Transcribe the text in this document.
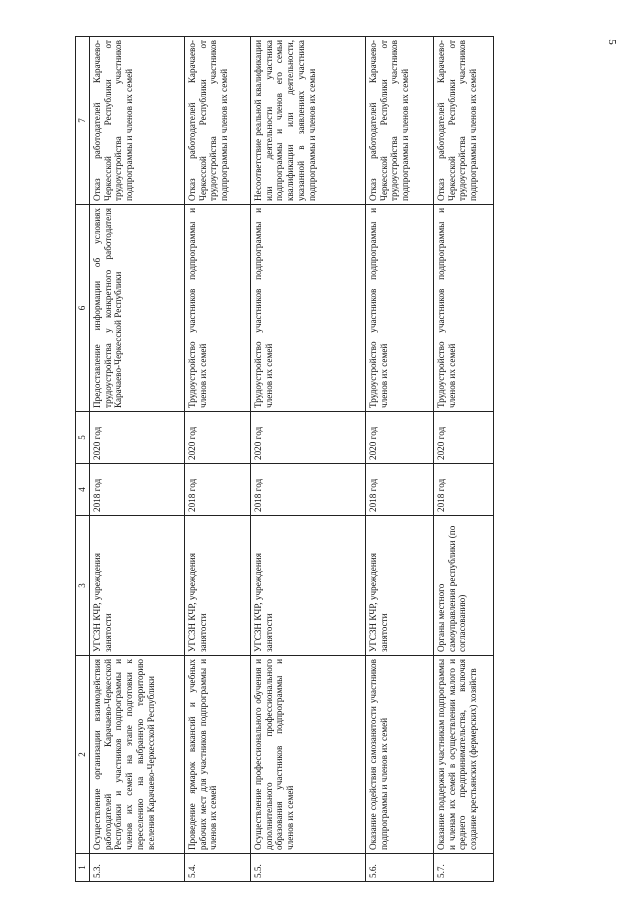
5
1	2	3	4	5	6	7
5.3.	Осуществление организации взаимодействия работодателей Карачаево-Черкесской Республики и участников подпрограммы и членов их семей на этапе подготовки к переселению на выбранную территорию вселения Карачаево-Черкесской Республики	УГСЗН КЧР, учреждения занятости	2018 год	2020 год	Предоставление информации об условиях трудоустройства у конкретного работодателя Карачаево-Черкесской Республики	Отказ работодателей Карачаево-Черкесской Республики от трудоустройства участников подпрограммы и членов их семей
5.4.	Проведение ярмарок вакансий и учебных рабочих мест для участников подпрограммы и членов их семей	УГСЗН КЧР, учреждения занятости	2018 год	2020 год	Трудоустройство участников подпрограммы и членов их семей	Отказ работодателей Карачаево-Черкесской Республики от трудоустройства участников подпрограммы и членов их семей
5.5.	Осуществление профессионального обучения и дополнительного профессионального образования участников подпрограммы и членов их семей	УГСЗН КЧР, учреждения занятости	2018 год	2020 год	Трудоустройство участников подпрограммы и членов их семей	Несоответствие реальной квалификации или деятельности участника подпрограммы и членов его семьи квалификации или деятельности, указанной в заявлениях участника подпрограммы и членов их семьи
5.6.	Оказание содействия самозанятости участников подпрограммы и членов их семей	УГСЗН КЧР, учреждения занятости	2018 год	2020 год	Трудоустройство участников подпрограммы и членов их семей	Отказ работодателей Карачаево-Черкесской Республики от трудоустройства участников подпрограммы и членов их семей
5.7.	Оказание поддержки участникам подпрограммы и членам их семей в осуществлении малого и среднего предпринимательства, включая создание крестьянских (фермерских) хозяйств	Органы местного самоуправления республики (по согласованию)	2018 год	2020 год	Трудоустройство участников подпрограммы и членов их семей	Отказ работодателей Карачаево-Черкесской Республики от трудоустройства участников подпрограммы и членов их семей
